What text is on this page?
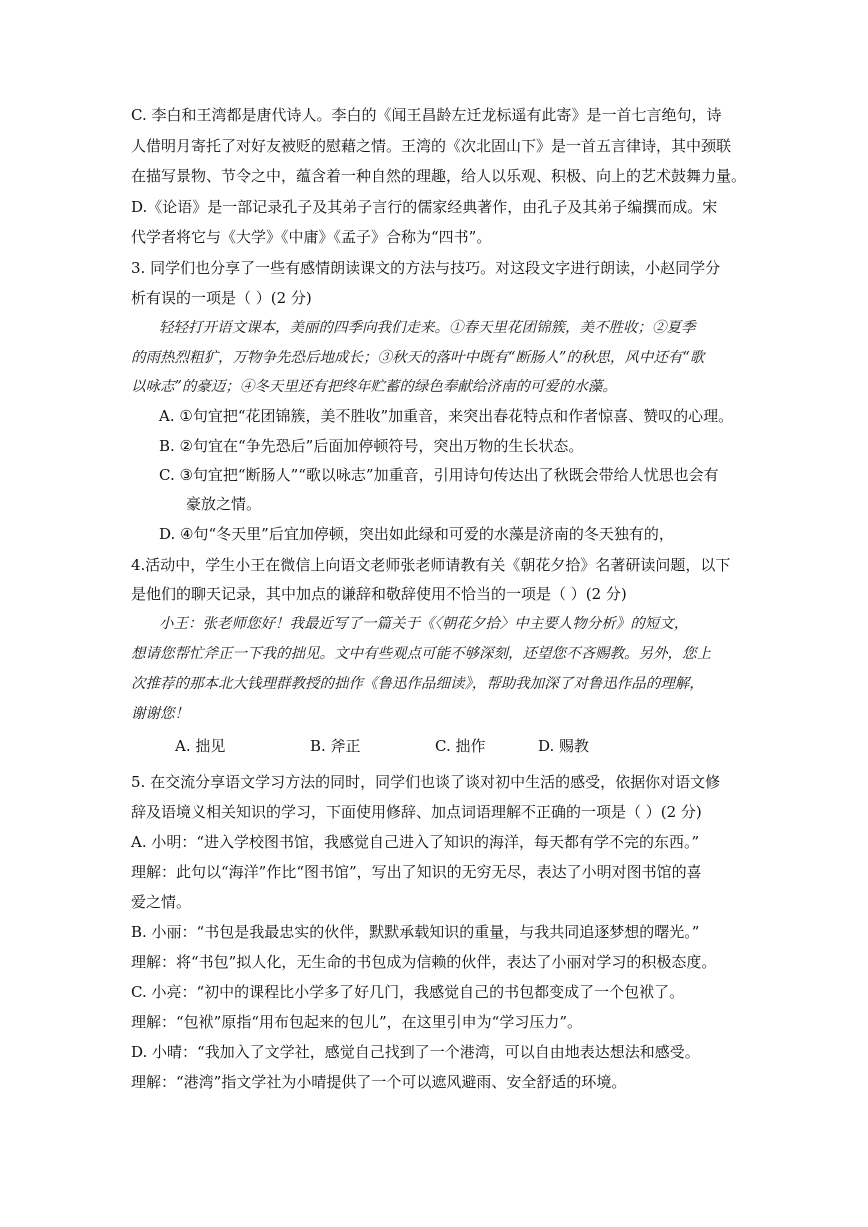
C. 李白和王湾都是唐代诗人。李白的《闻王昌龄左迁龙标遥有此寄》是一首七言绝句，诗
人借明月寄托了对好友被贬的慰藉之情。王湾的《次北固山下》是一首五言律诗，其中颈联
在描写景物、节令之中，蕴含着一种自然的理趣，给人以乐观、积极、向上的艺术鼓舞力量。
D.《论语》是一部记录孔子及其弟子言行的儒家经典著作，由孔子及其弟子编撰而成。宋
代学者将它与《大学》《中庸》《孟子》合称为“四书”。
3. 同学们也分享了一些有感情朗读课文的方法与技巧。对这段文字进行朗读，小赵同学分
析有误的一项是（ ）(2 分)
轻轻打开语文课本，美丽的四季向我们走来。①春天里花团锦簇，美不胜收；②夏季
的雨热烈粗犷，万物争先恐后地成长；③秋天的落叶中既有“断肠人”的秋思，风中还有“歌
以咏志”的豪迈；④冬天里还有把终年贮蓄的绿色奉献给济南的可爱的水藻。
A. ①句宜把“花团锦簇，美不胜收”加重音，来突出春花特点和作者惊喜、赞叹的心理。
B. ②句宜在“争先恐后”后面加停顿符号，突出万物的生长状态。
C. ③句宜把“断肠人”“歌以咏志”加重音，引用诗句传达出了秋既会带给人忧思也会有
豪放之情。
D. ④句“冬天里”后宜加停顿，突出如此绿和可爱的水藻是济南的冬天独有的，
4.活动中，学生小王在微信上向语文老师张老师请教有关《朝花夕拾》名著研读问题，以下
是他们的聊天记录，其中加点的谦辞和敬辞使用不恰当的一项是（ ）(2 分)
小王：张老师您好！我最近写了一篇关于《〈朝花夕拾〉中主要人物分析》的短文，
想请您帮忙斧正一下我的拙见。文中有些观点可能不够深刻，还望您不吝赐教。另外，您上
次推荐的那本北大钱理群教授的拙作《鲁迅作品细读》，帮助我加深了对鲁迅作品的理解，
谢谢您！
A. 拙见	B. 斧正	C. 拙作	D. 赐教
5. 在交流分享语文学习方法的同时，同学们也谈了谈对初中生活的感受，依据你对语文修
辞及语境义相关知识的学习，下面使用修辞、加点词语理解不正确的一项是（ ）(2 分)
A. 小明：“进入学校图书馆，我感觉自己进入了知识的海洋，每天都有学不完的东西。”
理解：此句以“海洋”作比“图书馆”，写出了知识的无穷无尽，表达了小明对图书馆的喜
爱之情。
B. 小丽：“书包是我最忠实的伙伴，默默承载知识的重量，与我共同追逐梦想的曙光。”
理解：将“书包”拟人化，无生命的书包成为信赖的伙伴，表达了小丽对学习的积极态度。
C. 小亮：“初中的课程比小学多了好几门，我感觉自己的书包都变成了一个包袱了。
理解：“包袱”原指“用布包起来的包儿”，在这里引申为“学习压力”。
D. 小晴：“我加入了文学社，感觉自己找到了一个港湾，可以自由地表达想法和感受。
理解：“港湾”指文学社为小晴提供了一个可以遮风避雨、安全舒适的环境。
